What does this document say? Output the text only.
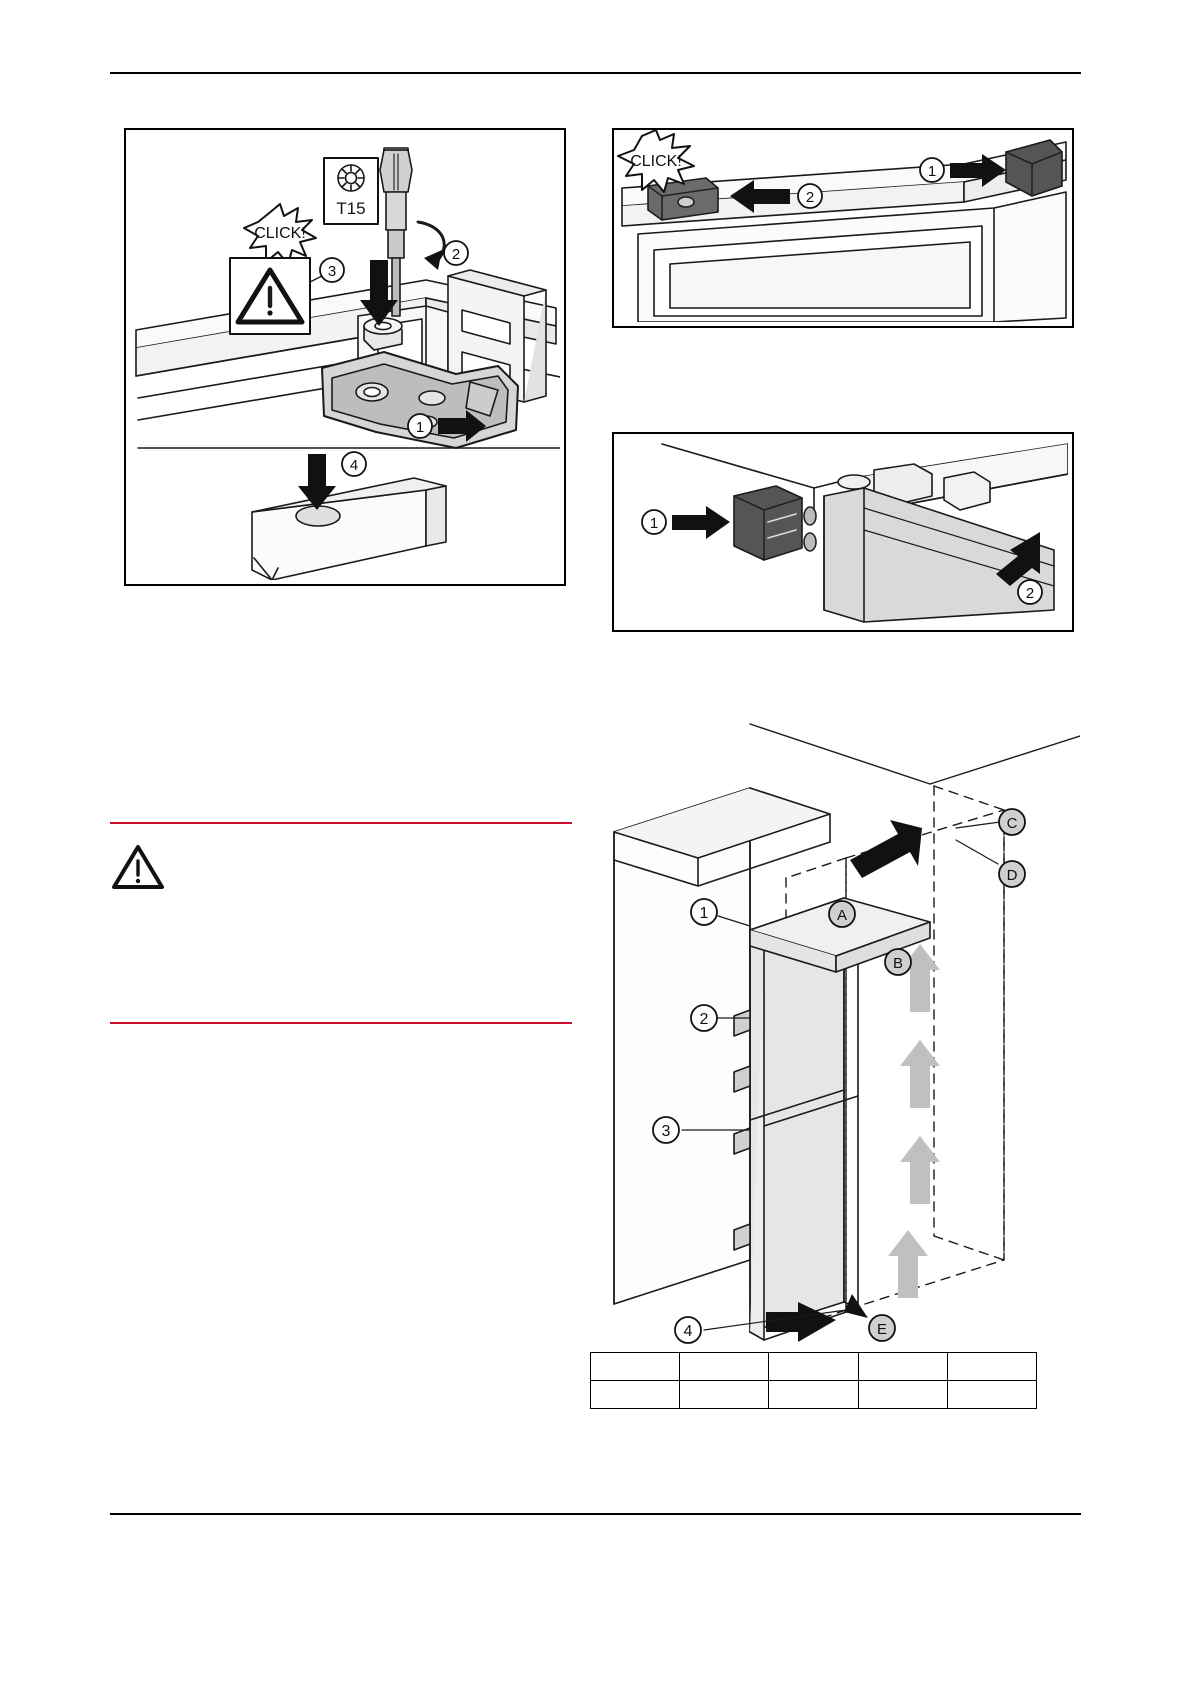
T15
CLICK!
3
2
1
4
1
2
CLICK!
1
2
1
2
3
4
A
B
C
D
E
